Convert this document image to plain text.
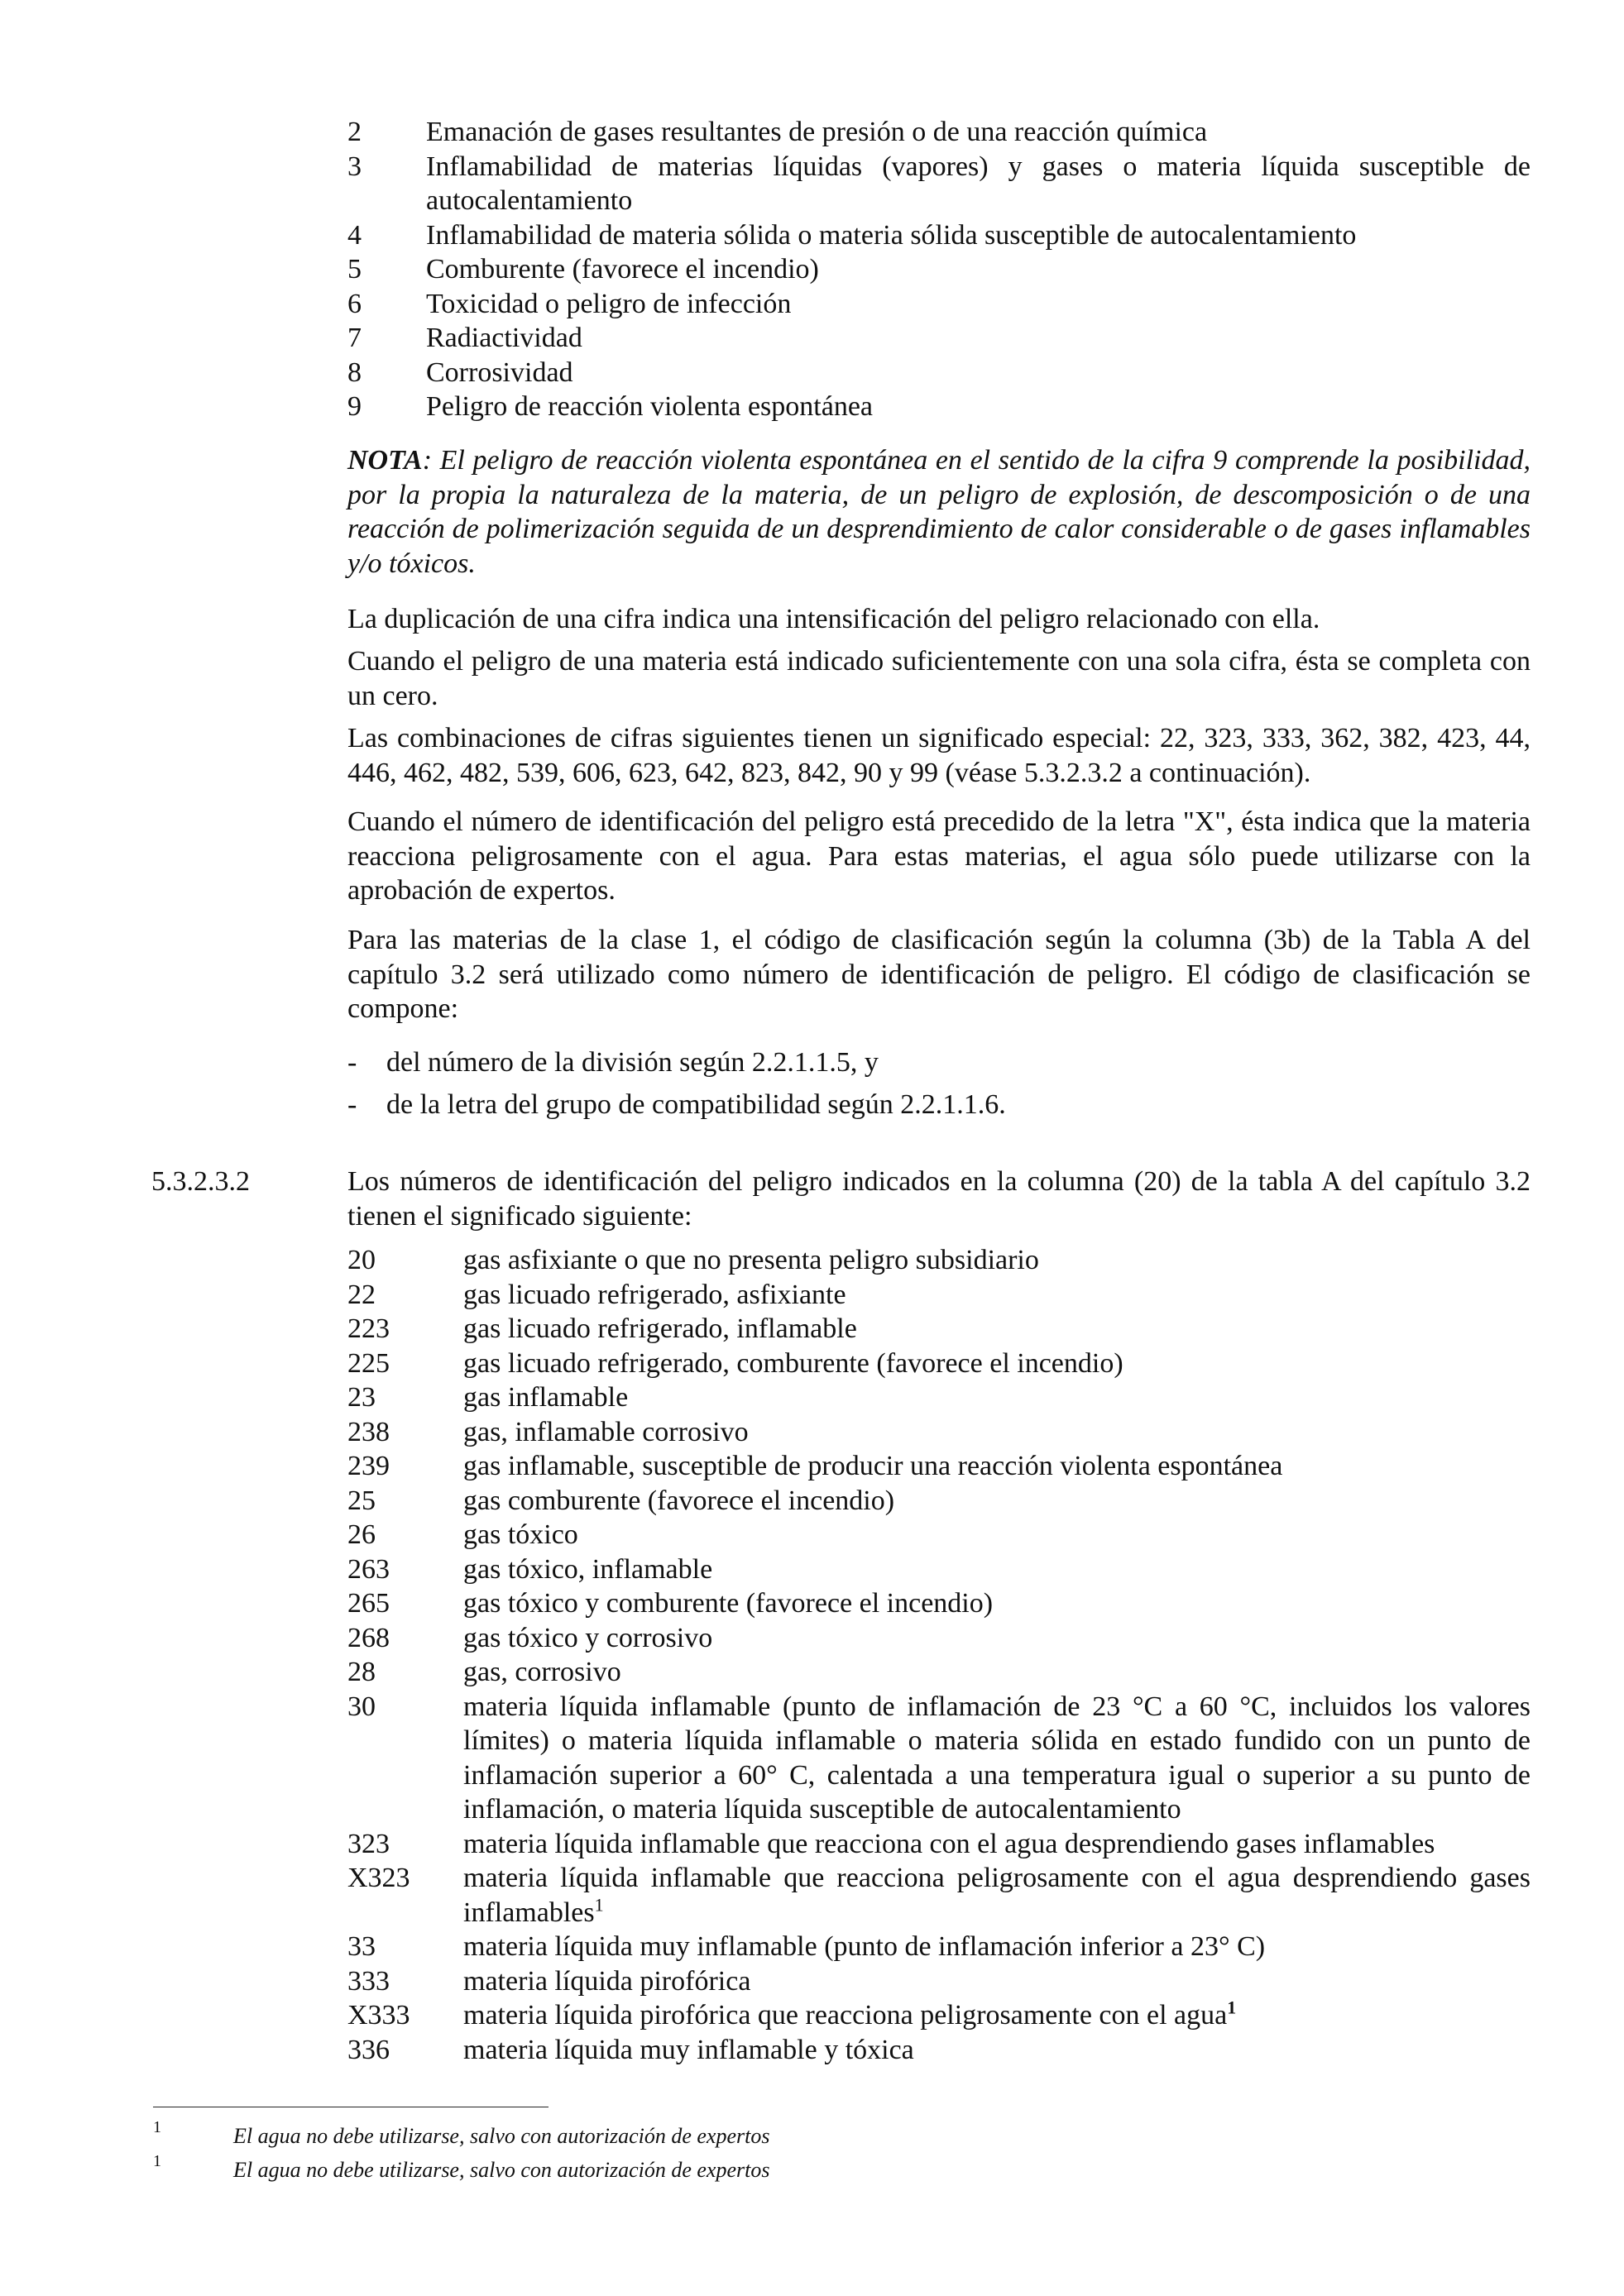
2 Emanación de gases resultantes de presión o de una reacción química
3 Inflamabilidad de materias líquidas (vapores) y gases o materia líquida susceptible de autocalentamiento
4 Inflamabilidad de materia sólida o materia sólida susceptible de autocalentamiento
5 Comburente (favorece el incendio)
6 Toxicidad o peligro de infección
7 Radiactividad
8 Corrosividad
9 Peligro de reacción violenta espontánea
NOTA: El peligro de reacción violenta espontánea en el sentido de la cifra 9 comprende la posibilidad, por la propia la naturaleza de la materia, de un peligro de explosión, de descomposición o de una reacción de polimerización seguida de un desprendimiento de calor considerable o de gases inflamables y/o tóxicos.

La duplicación de una cifra indica una intensificación del peligro relacionado con ella.

Cuando el peligro de una materia está indicado suficientemente con una sola cifra, ésta se completa con un cero.

Las combinaciones de cifras siguientes tienen un significado especial: 22, 323, 333, 362, 382, 423, 44, 446, 462, 482, 539, 606, 623, 642, 823, 842, 90 y 99 (véase 5.3.2.3.2 a continuación).

Cuando el número de identificación del peligro está precedido de la letra "X", ésta indica que la materia reacciona peligrosamente con el agua. Para estas materias, el agua sólo puede utilizarse con la aprobación de expertos.

Para las materias de la clase 1, el código de clasificación según la columna (3b) de la Tabla A del capítulo 3.2 será utilizado como número de identificación de peligro. El código de clasificación se compone:

- del número de la división según 2.2.1.1.5, y
- de la letra del grupo de compatibilidad según 2.2.1.1.6.
5.3.2.3.2	Los números de identificación del peligro indicados en la columna (20) de la tabla A del capítulo 3.2 tienen el significado siguiente:

20	gas asfixiante o que no presenta peligro subsidiario
22	gas licuado refrigerado, asfixiante
223	gas licuado refrigerado, inflamable
225	gas licuado refrigerado, comburente (favorece el incendio)
23	gas inflamable
238	gas, inflamable corrosivo
239	gas inflamable, susceptible de producir una reacción violenta espontánea
25	gas comburente (favorece el incendio)
26	gas tóxico
263	gas tóxico, inflamable
265	gas tóxico y comburente (favorece el incendio)
268	gas tóxico y corrosivo
28	gas, corrosivo
30	materia líquida inflamable (punto de inflamación de 23 °C a 60 °C, incluidos los valores límites) o materia líquida inflamable o materia sólida en estado fundido con un punto de inflamación superior a 60° C, calentada a una temperatura igual o superior a su punto de inflamación, o materia líquida susceptible de autocalentamiento
323	materia líquida inflamable que reacciona con el agua desprendiendo gases inflamables
X323 materia líquida inflamable que reacciona peligrosamente con el agua desprendiendo gases inflamables$^1$
33	materia líquida muy inflamable (punto de inflamación inferior a 23° C)
333	materia líquida pirofórica
X333 materia líquida pirofórica que reacciona peligrosamente con el agua$^1$
336	materia líquida muy inflamable y tóxica
1	El agua no debe utilizarse, salvo con autorización de expertos
1	El agua no debe utilizarse, salvo con autorización de expertos
